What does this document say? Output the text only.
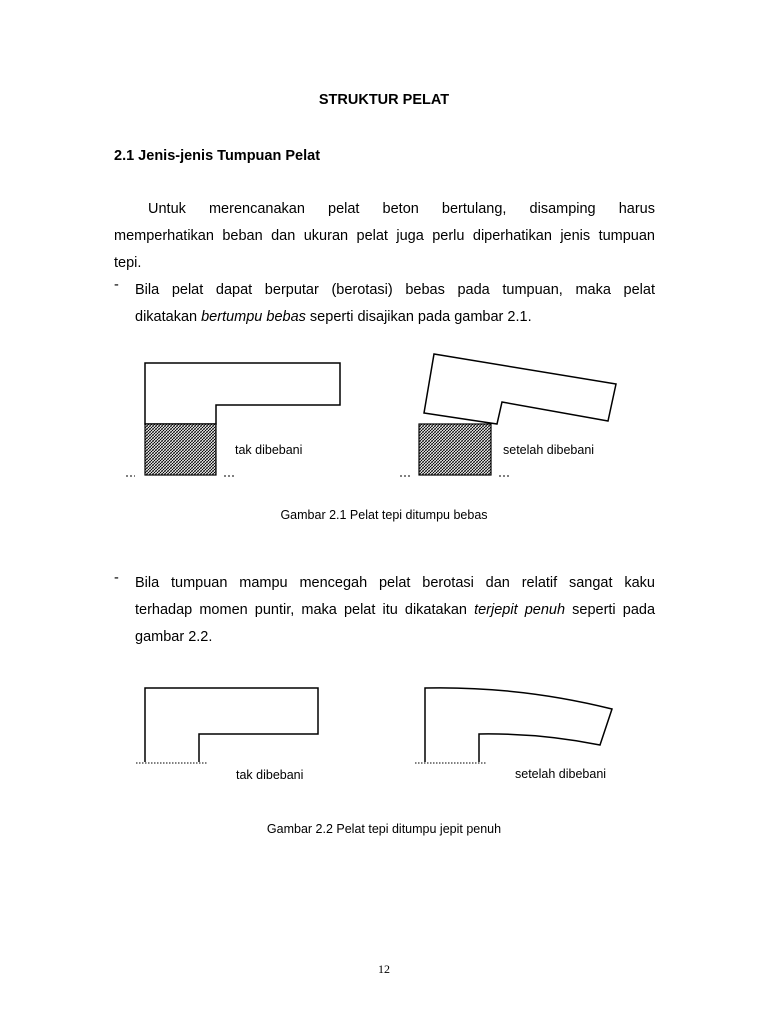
STRUKTUR PELAT
2.1 Jenis-jenis Tumpuan Pelat
Untuk merencanakan pelat beton bertulang, disamping harus
memperhatikan beban dan ukuran pelat juga perlu diperhatikan jenis tumpuan
tepi.
- Bila pelat dapat berputar (berotasi) bebas pada tumpuan, maka pelat
dikatakan bertumpu bebas seperti disajikan pada gambar 2.1.
tak dibebani	setelah dibebani
Gambar 2.1 Pelat tepi ditumpu bebas
- Bila tumpuan mampu mencegah pelat berotasi dan relatif sangat kaku
terhadap momen puntir, maka pelat itu dikatakan terjepit penuh seperti pada
gambar 2.2.
tak dibebani	setelah dibebani
Gambar 2.2 Pelat tepi ditumpu jepit penuh
12
